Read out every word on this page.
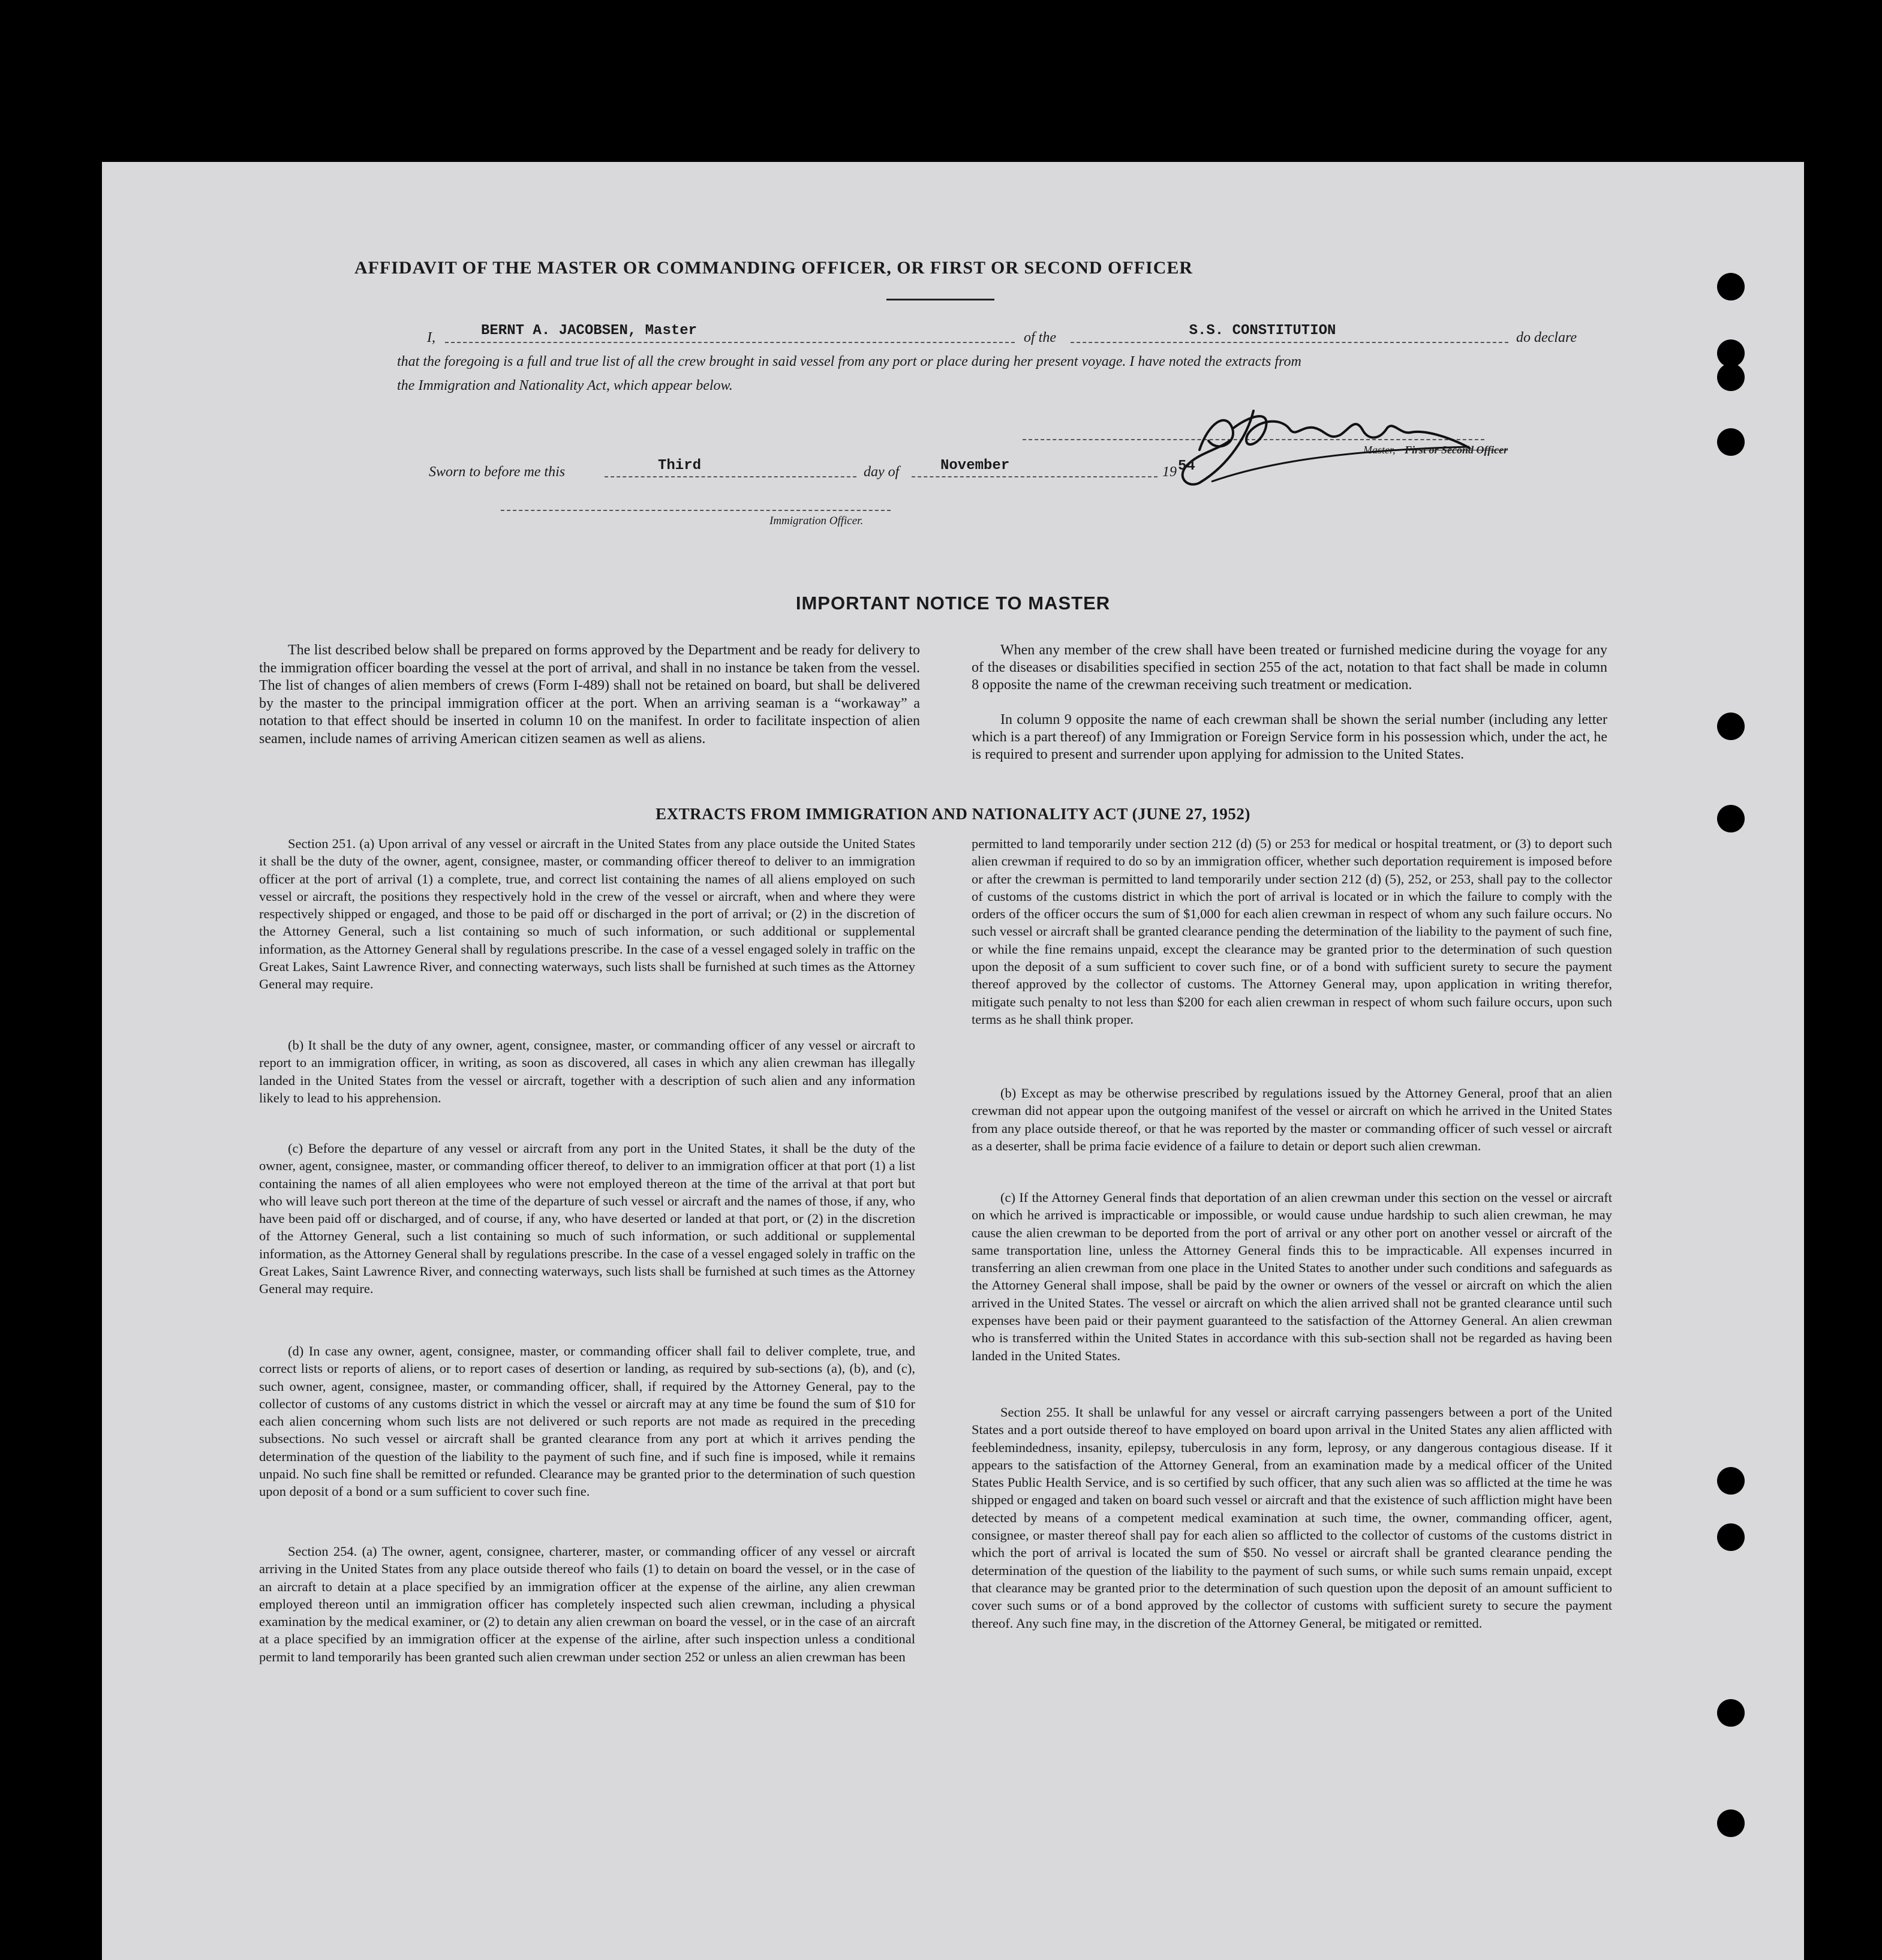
AFFIDAVIT OF THE MASTER OR COMMANDING OFFICER, OR FIRST OR SECOND OFFICER
I,	BERNT A. JACOBSEN, Master	of the	S.S. CONSTITUTION	do declare
that the foregoing is a full and true list of all the crew brought in said vessel from any port or place during her present voyage. I have noted the extracts from
the Immigration and Nationality Act, which appear below.
Master, First or Second Officer
Sworn to before me this	Third	day of	November	19 54
Immigration Officer.
IMPORTANT NOTICE TO MASTER

The list described below shall be prepared on forms approved by the Department and be ready for delivery to the immigration officer boarding the vessel at the port of arrival, and shall in no instance be taken from the vessel. The list of changes of alien members of crews (Form I-489) shall not be retained on board, but shall be delivered by the master to the principal immigration officer at the port. When an arriving seaman is a “workaway” a notation to that effect should be inserted in column 10 on the manifest. In order to facilitate inspection of alien seamen, include names of arriving American citizen seamen as well as aliens.

When any member of the crew shall have been treated or furnished medicine during the voyage for any of the diseases or disabilities specified in section 255 of the act, notation to that fact shall be made in column 8 opposite the name of the crewman receiving such treatment or medication.

In column 9 opposite the name of each crewman shall be shown the serial number (including any letter which is a part thereof) of any Immigration or Foreign Service form in his possession which, under the act, he is required to present and surrender upon applying for admission to the United States.

EXTRACTS FROM IMMIGRATION AND NATIONALITY ACT (JUNE 27, 1952)

Section 251. (a) Upon arrival of any vessel or aircraft in the United States from any place outside the United States it shall be the duty of the owner, agent, consignee, master, or commanding officer thereof to deliver to an immigration officer at the port of arrival (1) a complete, true, and correct list containing the names of all aliens employed on such vessel or aircraft, the positions they respectively hold in the crew of the vessel or aircraft, when and where they were respectively shipped or engaged, and those to be paid off or discharged in the port of arrival; or (2) in the discretion of the Attorney General, such a list containing so much of such information, or such additional or supplemental information, as the Attorney General shall by regulations prescribe. In the case of a vessel engaged solely in traffic on the Great Lakes, Saint Lawrence River, and connecting waterways, such lists shall be furnished at such times as the Attorney General may require.

(b) It shall be the duty of any owner, agent, consignee, master, or commanding officer of any vessel or aircraft to report to an immigration officer, in writing, as soon as discovered, all cases in which any alien crewman has illegally landed in the United States from the vessel or aircraft, together with a description of such alien and any information likely to lead to his apprehension.

(c) Before the departure of any vessel or aircraft from any port in the United States, it shall be the duty of the owner, agent, consignee, master, or commanding officer thereof, to deliver to an immigration officer at that port (1) a list containing the names of all alien employees who were not employed thereon at the time of the arrival at that port but who will leave such port thereon at the time of the departure of such vessel or aircraft and the names of those, if any, who have been paid off or discharged, and of course, if any, who have deserted or landed at that port, or (2) in the discretion of the Attorney General, such a list containing so much of such information, or such additional or supplemental information, as the Attorney General shall by regulations prescribe. In the case of a vessel engaged solely in traffic on the Great Lakes, Saint Lawrence River, and connecting waterways, such lists shall be furnished at such times as the Attorney General may require.

(d) In case any owner, agent, consignee, master, or commanding officer shall fail to deliver complete, true, and correct lists or reports of aliens, or to report cases of desertion or landing, as required by sub-sections (a), (b), and (c), such owner, agent, consignee, master, or commanding officer, shall, if required by the Attorney General, pay to the collector of customs of any customs district in which the vessel or aircraft may at any time be found the sum of $10 for each alien concerning whom such lists are not delivered or such reports are not made as required in the preceding subsections. No such vessel or aircraft shall be granted clearance from any port at which it arrives pending the determination of the question of the liability to the payment of such fine, and if such fine is imposed, while it remains unpaid. No such fine shall be remitted or refunded. Clearance may be granted prior to the determination of such question upon deposit of a bond or a sum sufficient to cover such fine.

Section 254. (a) The owner, agent, consignee, charterer, master, or commanding officer of any vessel or aircraft arriving in the United States from any place outside thereof who fails (1) to detain on board the vessel, or in the case of an aircraft to detain at a place specified by an immigration officer at the expense of the airline, any alien crewman employed thereon until an immigration officer has completely inspected such alien crewman, including a physical examination by the medical examiner, or (2) to detain any alien crewman on board the vessel, or in the case of an aircraft at a place specified by an immigration officer at the expense of the airline, after such inspection unless a conditional permit to land temporarily has been granted such alien crewman under section 252 or unless an alien crewman has been

permitted to land temporarily under section 212 (d) (5) or 253 for medical or hospital treatment, or (3) to deport such alien crewman if required to do so by an immigration officer, whether such deportation requirement is imposed before or after the crewman is permitted to land temporarily under section 212 (d) (5), 252, or 253, shall pay to the collector of customs of the customs district in which the port of arrival is located or in which the failure to comply with the orders of the officer occurs the sum of $1,000 for each alien crewman in respect of whom any such failure occurs. No such vessel or aircraft shall be granted clearance pending the determination of the liability to the payment of such fine, or while the fine remains unpaid, except the clearance may be granted prior to the determination of such question upon the deposit of a sum sufficient to cover such fine, or of a bond with sufficient surety to secure the payment thereof approved by the collector of customs. The Attorney General may, upon application in writing therefor, mitigate such penalty to not less than $200 for each alien crewman in respect of whom such failure occurs, upon such terms as he shall think proper.

(b) Except as may be otherwise prescribed by regulations issued by the Attorney General, proof that an alien crewman did not appear upon the outgoing manifest of the vessel or aircraft on which he arrived in the United States from any place outside thereof, or that he was reported by the master or commanding officer of such vessel or aircraft as a deserter, shall be prima facie evidence of a failure to detain or deport such alien crewman.

(c) If the Attorney General finds that deportation of an alien crewman under this section on the vessel or aircraft on which he arrived is impracticable or impossible, or would cause undue hardship to such alien crewman, he may cause the alien crewman to be deported from the port of arrival or any other port on another vessel or aircraft of the same transportation line, unless the Attorney General finds this to be impracticable. All expenses incurred in transferring an alien crewman from one place in the United States to another under such conditions and safeguards as the Attorney General shall impose, shall be paid by the owner or owners of the vessel or aircraft on which the alien arrived in the United States. The vessel or aircraft on which the alien arrived shall not be granted clearance until such expenses have been paid or their payment guaranteed to the satisfaction of the Attorney General. An alien crewman who is transferred within the United States in accordance with this sub-section shall not be regarded as having been landed in the United States.

Section 255. It shall be unlawful for any vessel or aircraft carrying passengers between a port of the United States and a port outside thereof to have employed on board upon arrival in the United States any alien afflicted with feeblemindedness, insanity, epilepsy, tuberculosis in any form, leprosy, or any dangerous contagious disease. If it appears to the satisfaction of the Attorney General, from an examination made by a medical officer of the United States Public Health Service, and is so certified by such officer, that any such alien was so afflicted at the time he was shipped or engaged and taken on board such vessel or aircraft and that the existence of such affliction might have been detected by means of a competent medical examination at such time, the owner, commanding officer, agent, consignee, or master thereof shall pay for each alien so afflicted to the collector of customs of the customs district in which the port of arrival is located the sum of $50. No vessel or aircraft shall be granted clearance pending the determination of the question of the liability to the payment of such sums, or while such sums remain unpaid, except that clearance may be granted prior to the determination of such question upon the deposit of an amount sufficient to cover such sums or of a bond approved by the collector of customs with sufficient surety to secure the payment thereof. Any such fine may, in the discretion of the Attorney General, be mitigated or remitted.
